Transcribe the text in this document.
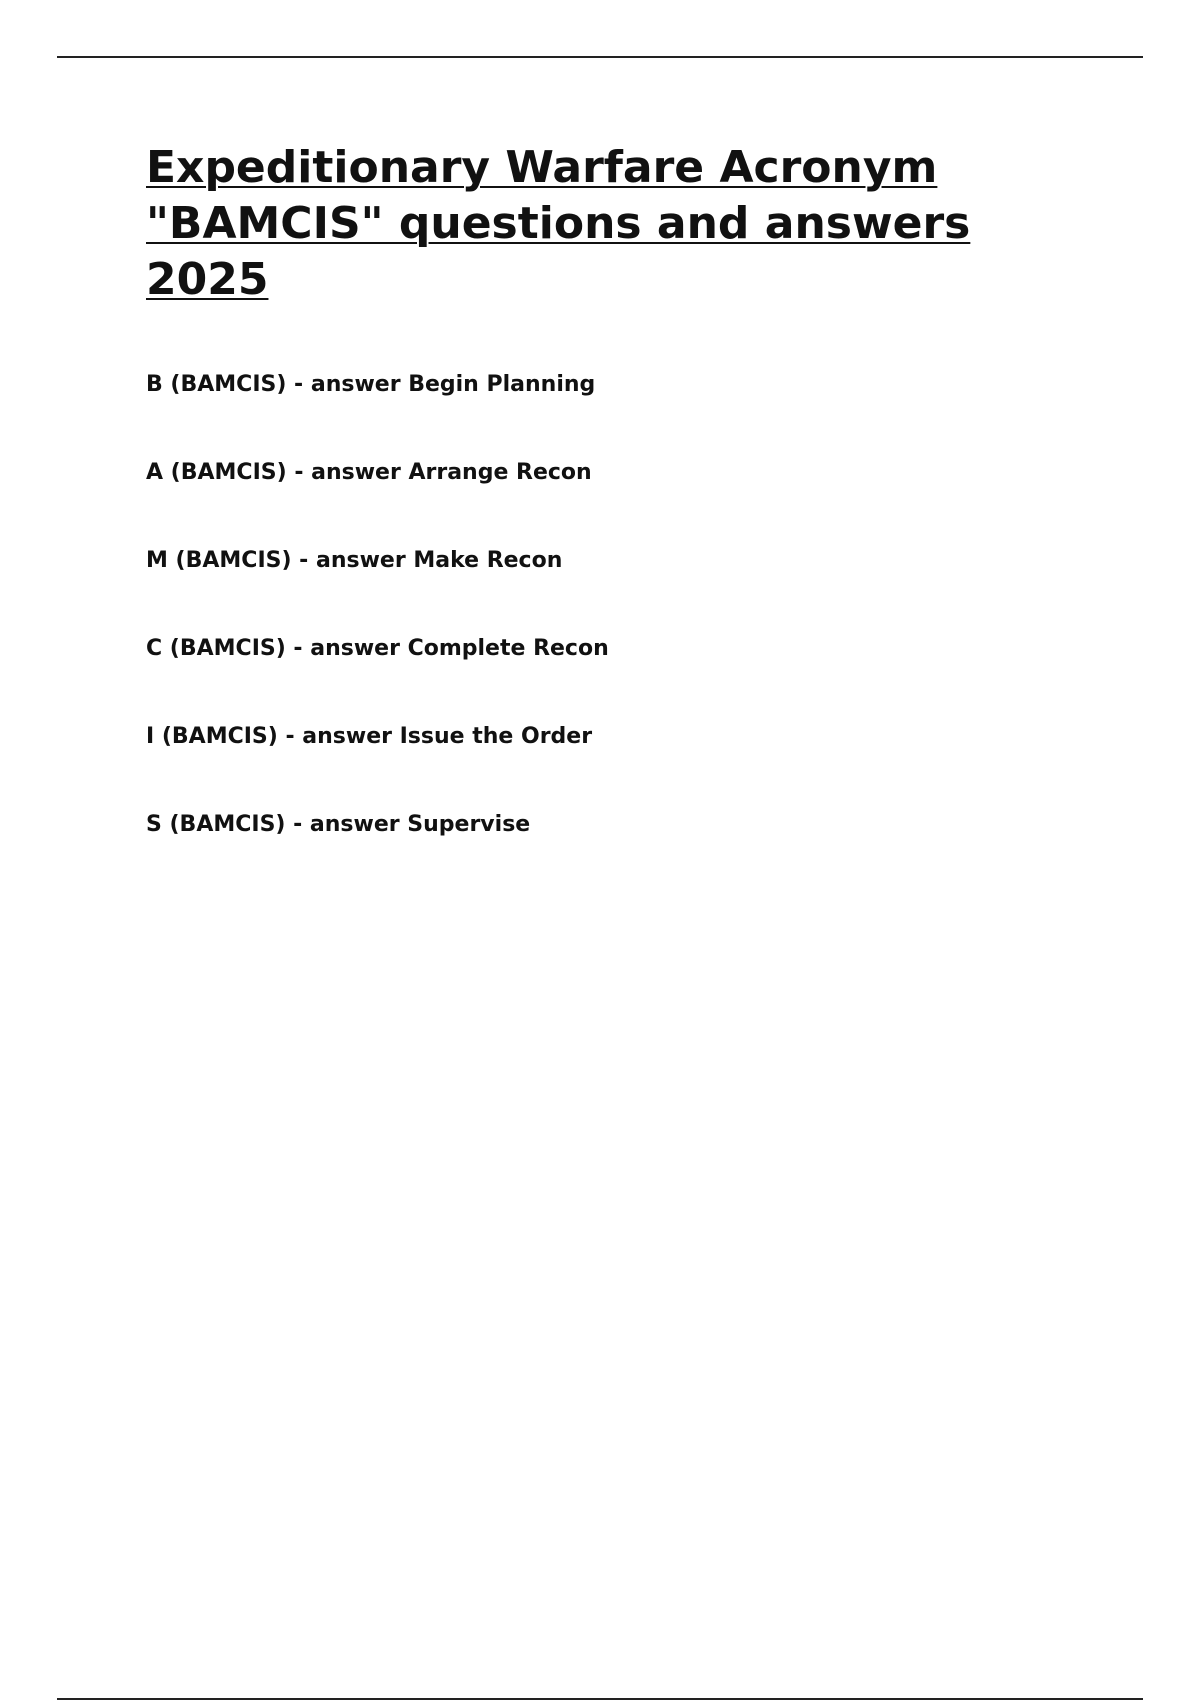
Expeditionary Warfare Acronym
"BAMCIS" questions and answers
2025
B (BAMCIS) - answer Begin Planning
A (BAMCIS) - answer Arrange Recon
M (BAMCIS) - answer Make Recon
C (BAMCIS) - answer Complete Recon
I (BAMCIS) - answer Issue the Order
S (BAMCIS) - answer Supervise
